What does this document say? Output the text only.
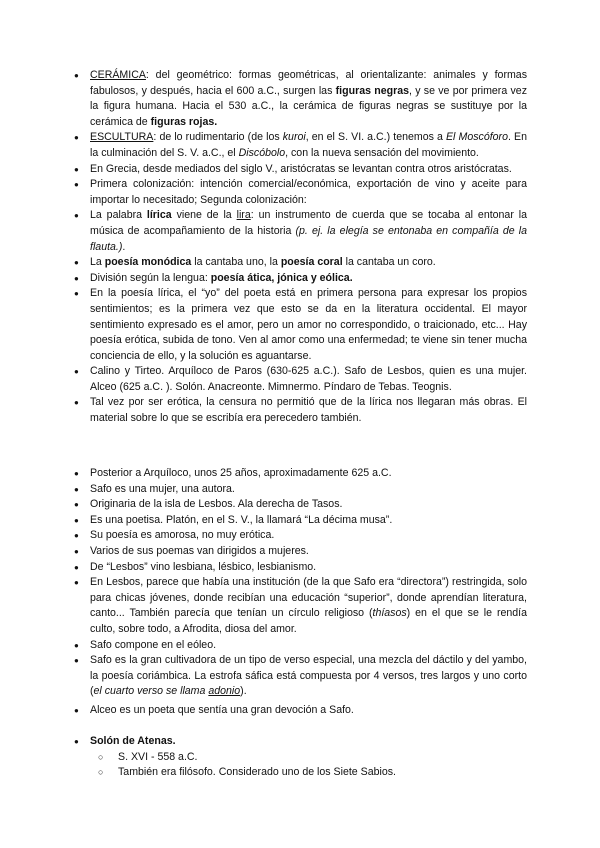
● CERÁMICA: del geométrico: formas geométricas, al orientalizante: animales y formas fabulosos, y después, hacia el 600 a.C., surgen las figuras negras, y se ve por primera vez la figura humana. Hacia el 530 a.C., la cerámica de figuras negras se sustituye por la cerámica de figuras rojas.
● ESCULTURA: de lo rudimentario (de los kuroi, en el S. VI. a.C.) tenemos a El Moscóforo. En la culminación del S. V. a.C., el Discóbolo, con la nueva sensación del movimiento.
● En Grecia, desde mediados del siglo V., aristócratas se levantan contra otros aristócratas.
● Primera colonización: intención comercial/económica, exportación de vino y aceite para importar lo necesitado; Segunda colonización:
● La palabra lírica viene de la lira: un instrumento de cuerda que se tocaba al entonar la música de acompañamiento de la historia (p. ej. la elegía se entonaba en compañía de la flauta.).
● La poesía monódica la cantaba uno, la poesía coral la cantaba un coro.
● División según la lengua: poesía ática, jónica y eólica.
● En la poesía lírica, el “yo” del poeta está en primera persona para expresar los propios sentimientos; es la primera vez que esto se da en la literatura occidental. El mayor sentimiento expresado es el amor, pero un amor no correspondido, o traicionado, etc... Hay poesía erótica, subida de tono. Ven al amor como una enfermedad; te viene sin tener mucha conciencia de ello, y la solución es aguantarse.
● Calino y Tirteo. Arquíloco de Paros (630-625 a.C.). Safo de Lesbos, quien es una mujer. Alceo (625 a.C. ). Solón. Anacreonte. Mimnermo. Píndaro de Tebas. Teognis.
● Tal vez por ser erótica, la censura no permitió que de la lírica nos llegaran más obras. El material sobre lo que se escribía era perecedero también.
● Posterior a Arquíloco, unos 25 años, aproximadamente 625 a.C.
● Safo es una mujer, una autora.
● Originaria de la isla de Lesbos. Ala derecha de Tasos.
● Es una poetisa. Platón, en el S. V., la llamará “La décima musa”.
● Su poesía es amorosa, no muy erótica.
● Varios de sus poemas van dirigidos a mujeres.
● De “Lesbos” vino lesbiana, lésbico, lesbianismo.
● En Lesbos, parece que había una institución (de la que Safo era “directora”) restringida, solo para chicas jóvenes, donde recibían una educación “superior”, donde aprendían literatura, canto... También parecía que tenían un círculo religioso (thíasos) en el que se le rendía culto, sobre todo, a Afrodita, diosa del amor.
● Safo compone en el eóleo.
● Safo es la gran cultivadora de un tipo de verso especial, una mezcla del dáctilo y del yambo, la poesía coriámbica. La estrofa sáfica está compuesta por 4 versos, tres largos y uno corto (el cuarto verso se llama adonio).
● Alceo es un poeta que sentía una gran devoción a Safo.
● Solón de Atenas.
○ S. XVI - 558 a.C.
○ También era filósofo. Considerado uno de los Siete Sabios.
